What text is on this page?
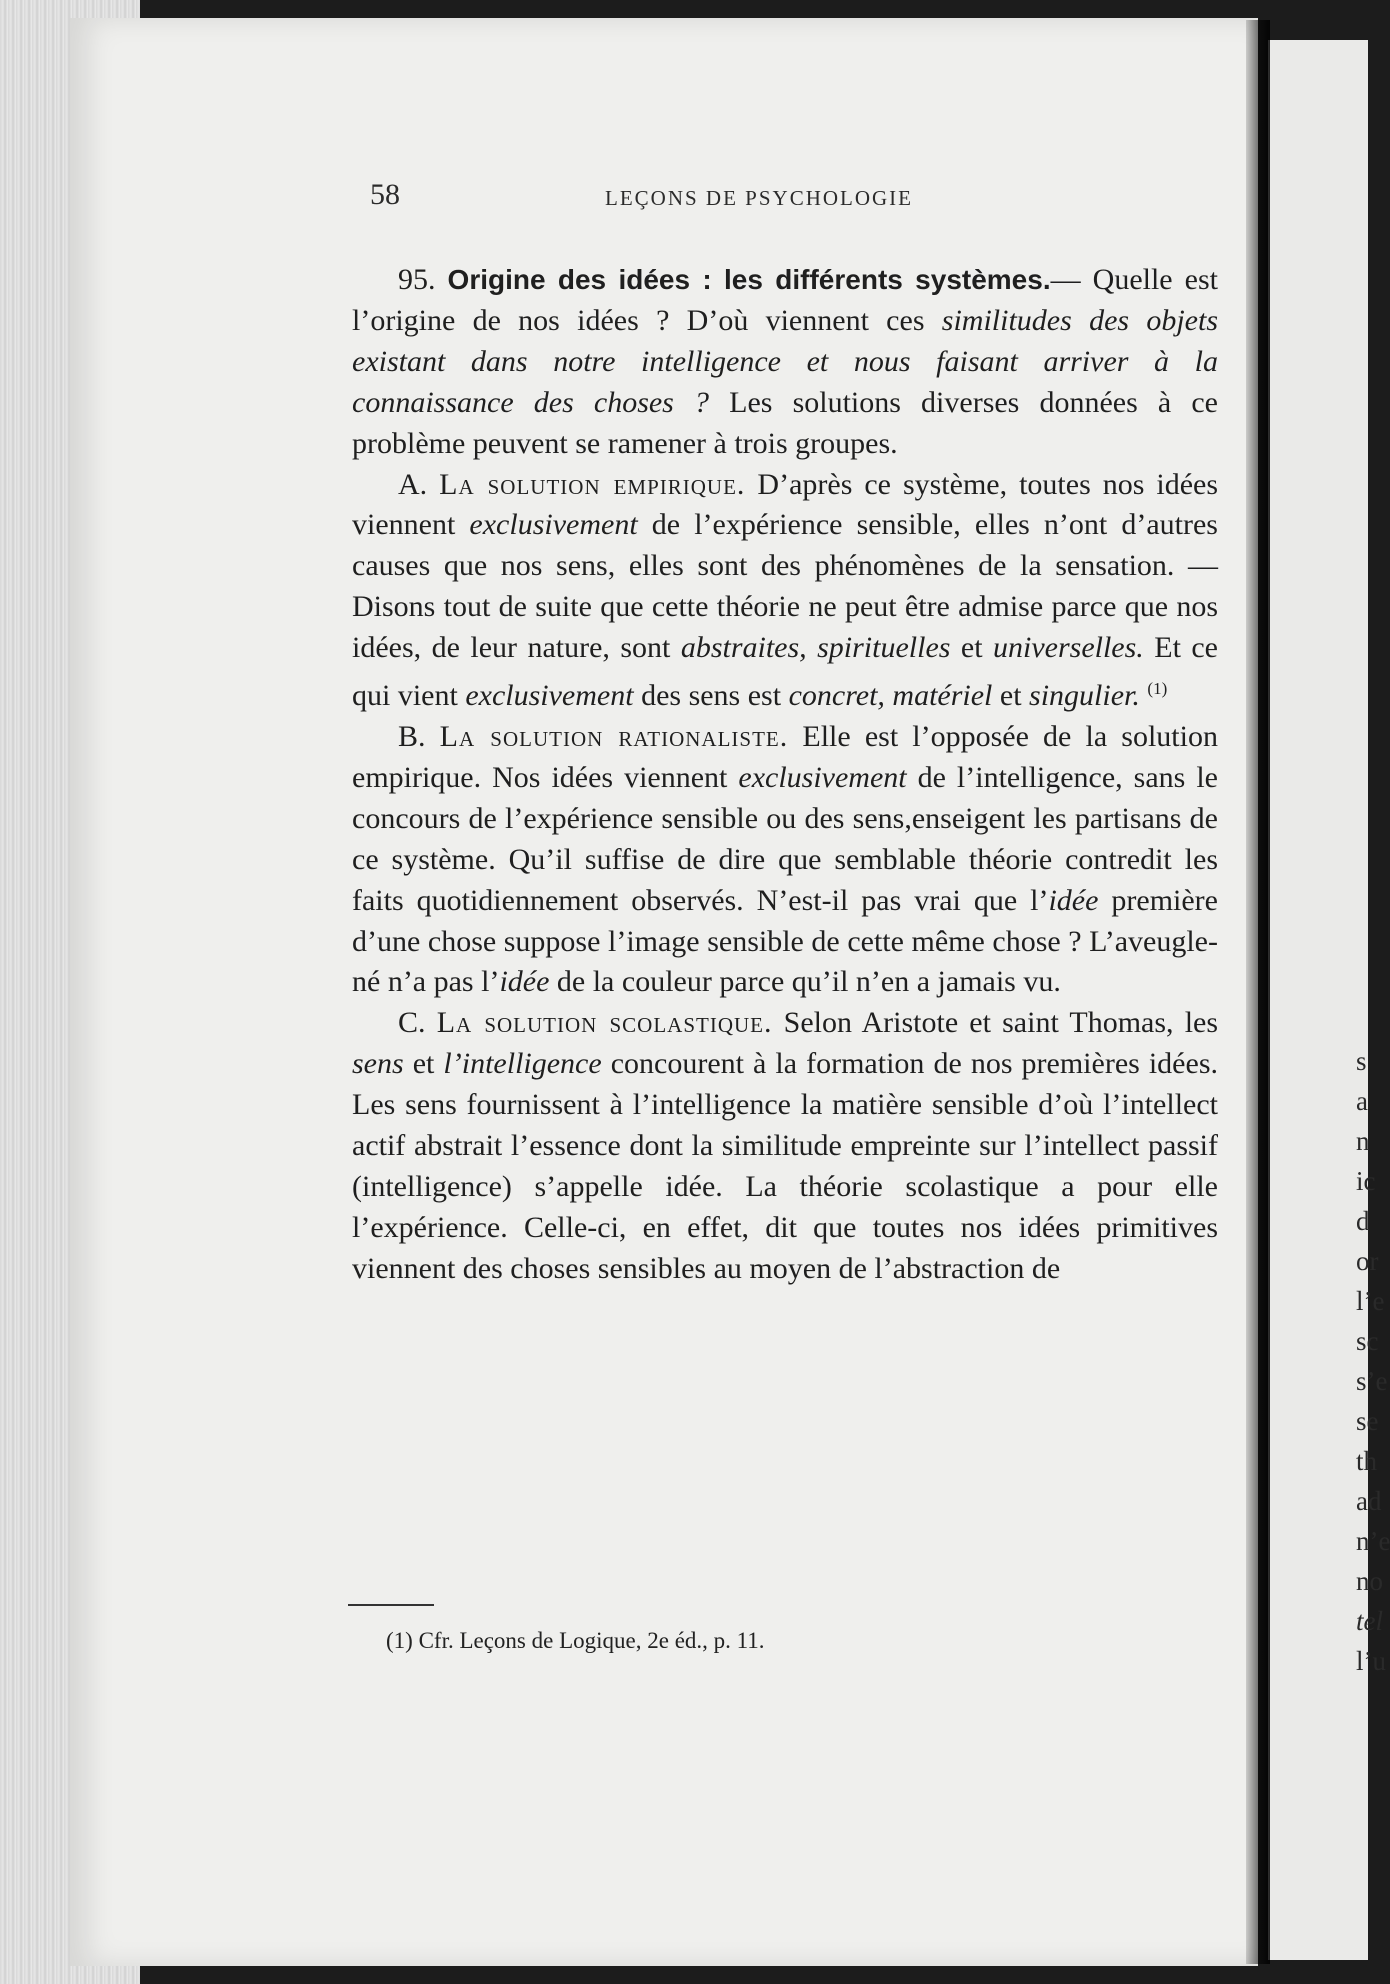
s
a
n
ic
d
or
l’e
sc
s’e
se
th
ad
n’e
no
tel
l’u
58	LEÇONS DE PSYCHOLOGIE

95. Origine des idées : les différents systèmes.— Quelle est l’origine de nos idées ? D’où viennent ces similitudes des objets existant dans notre intelligence et nous faisant arriver à la connaissance des choses ? Les solutions diverses données à ce problème peuvent se ramener à trois groupes.

A. La solution empirique. D’après ce système, toutes nos idées viennent exclusivement de l’expérience sensible, elles n’ont d’autres causes que nos sens, elles sont des phénomènes de la sensation. — Disons tout de suite que cette théorie ne peut être admise parce que nos idées, de leur nature, sont abstraites, spirituelles et universelles. Et ce qui vient exclusivement des sens est concret, matériel et singulier. $^{(1)}$

B. La solution rationaliste. Elle est l’opposée de la solution empirique. Nos idées viennent exclusivement de l’intelligence, sans le concours de l’expérience sensible ou des sens,enseigent les partisans de ce système. Qu’il suffise de dire que semblable théorie contredit les faits quotidiennement observés. N’est-il pas vrai que l’idée première d’une chose suppose l’image sensible de cette même chose ? L’aveugle-né n’a pas l’idée de la couleur parce qu’il n’en a jamais vu.

C. La solution scolastique. Selon Aristote et saint Thomas, les sens et l’intelligence concourent à la formation de nos premières idées. Les sens fournissent à l’intelligence la matière sensible d’où l’intellect actif abstrait l’essence dont la similitude empreinte sur l’intellect passif (intelligence) s’appelle idée. La théorie scolastique a pour elle l’expérience. Celle-ci, en effet, dit que toutes nos idées primitives viennent des choses sensibles au moyen de l’abstraction de

(1) Cfr. Leçons de Logique, 2e éd., p. 11.
